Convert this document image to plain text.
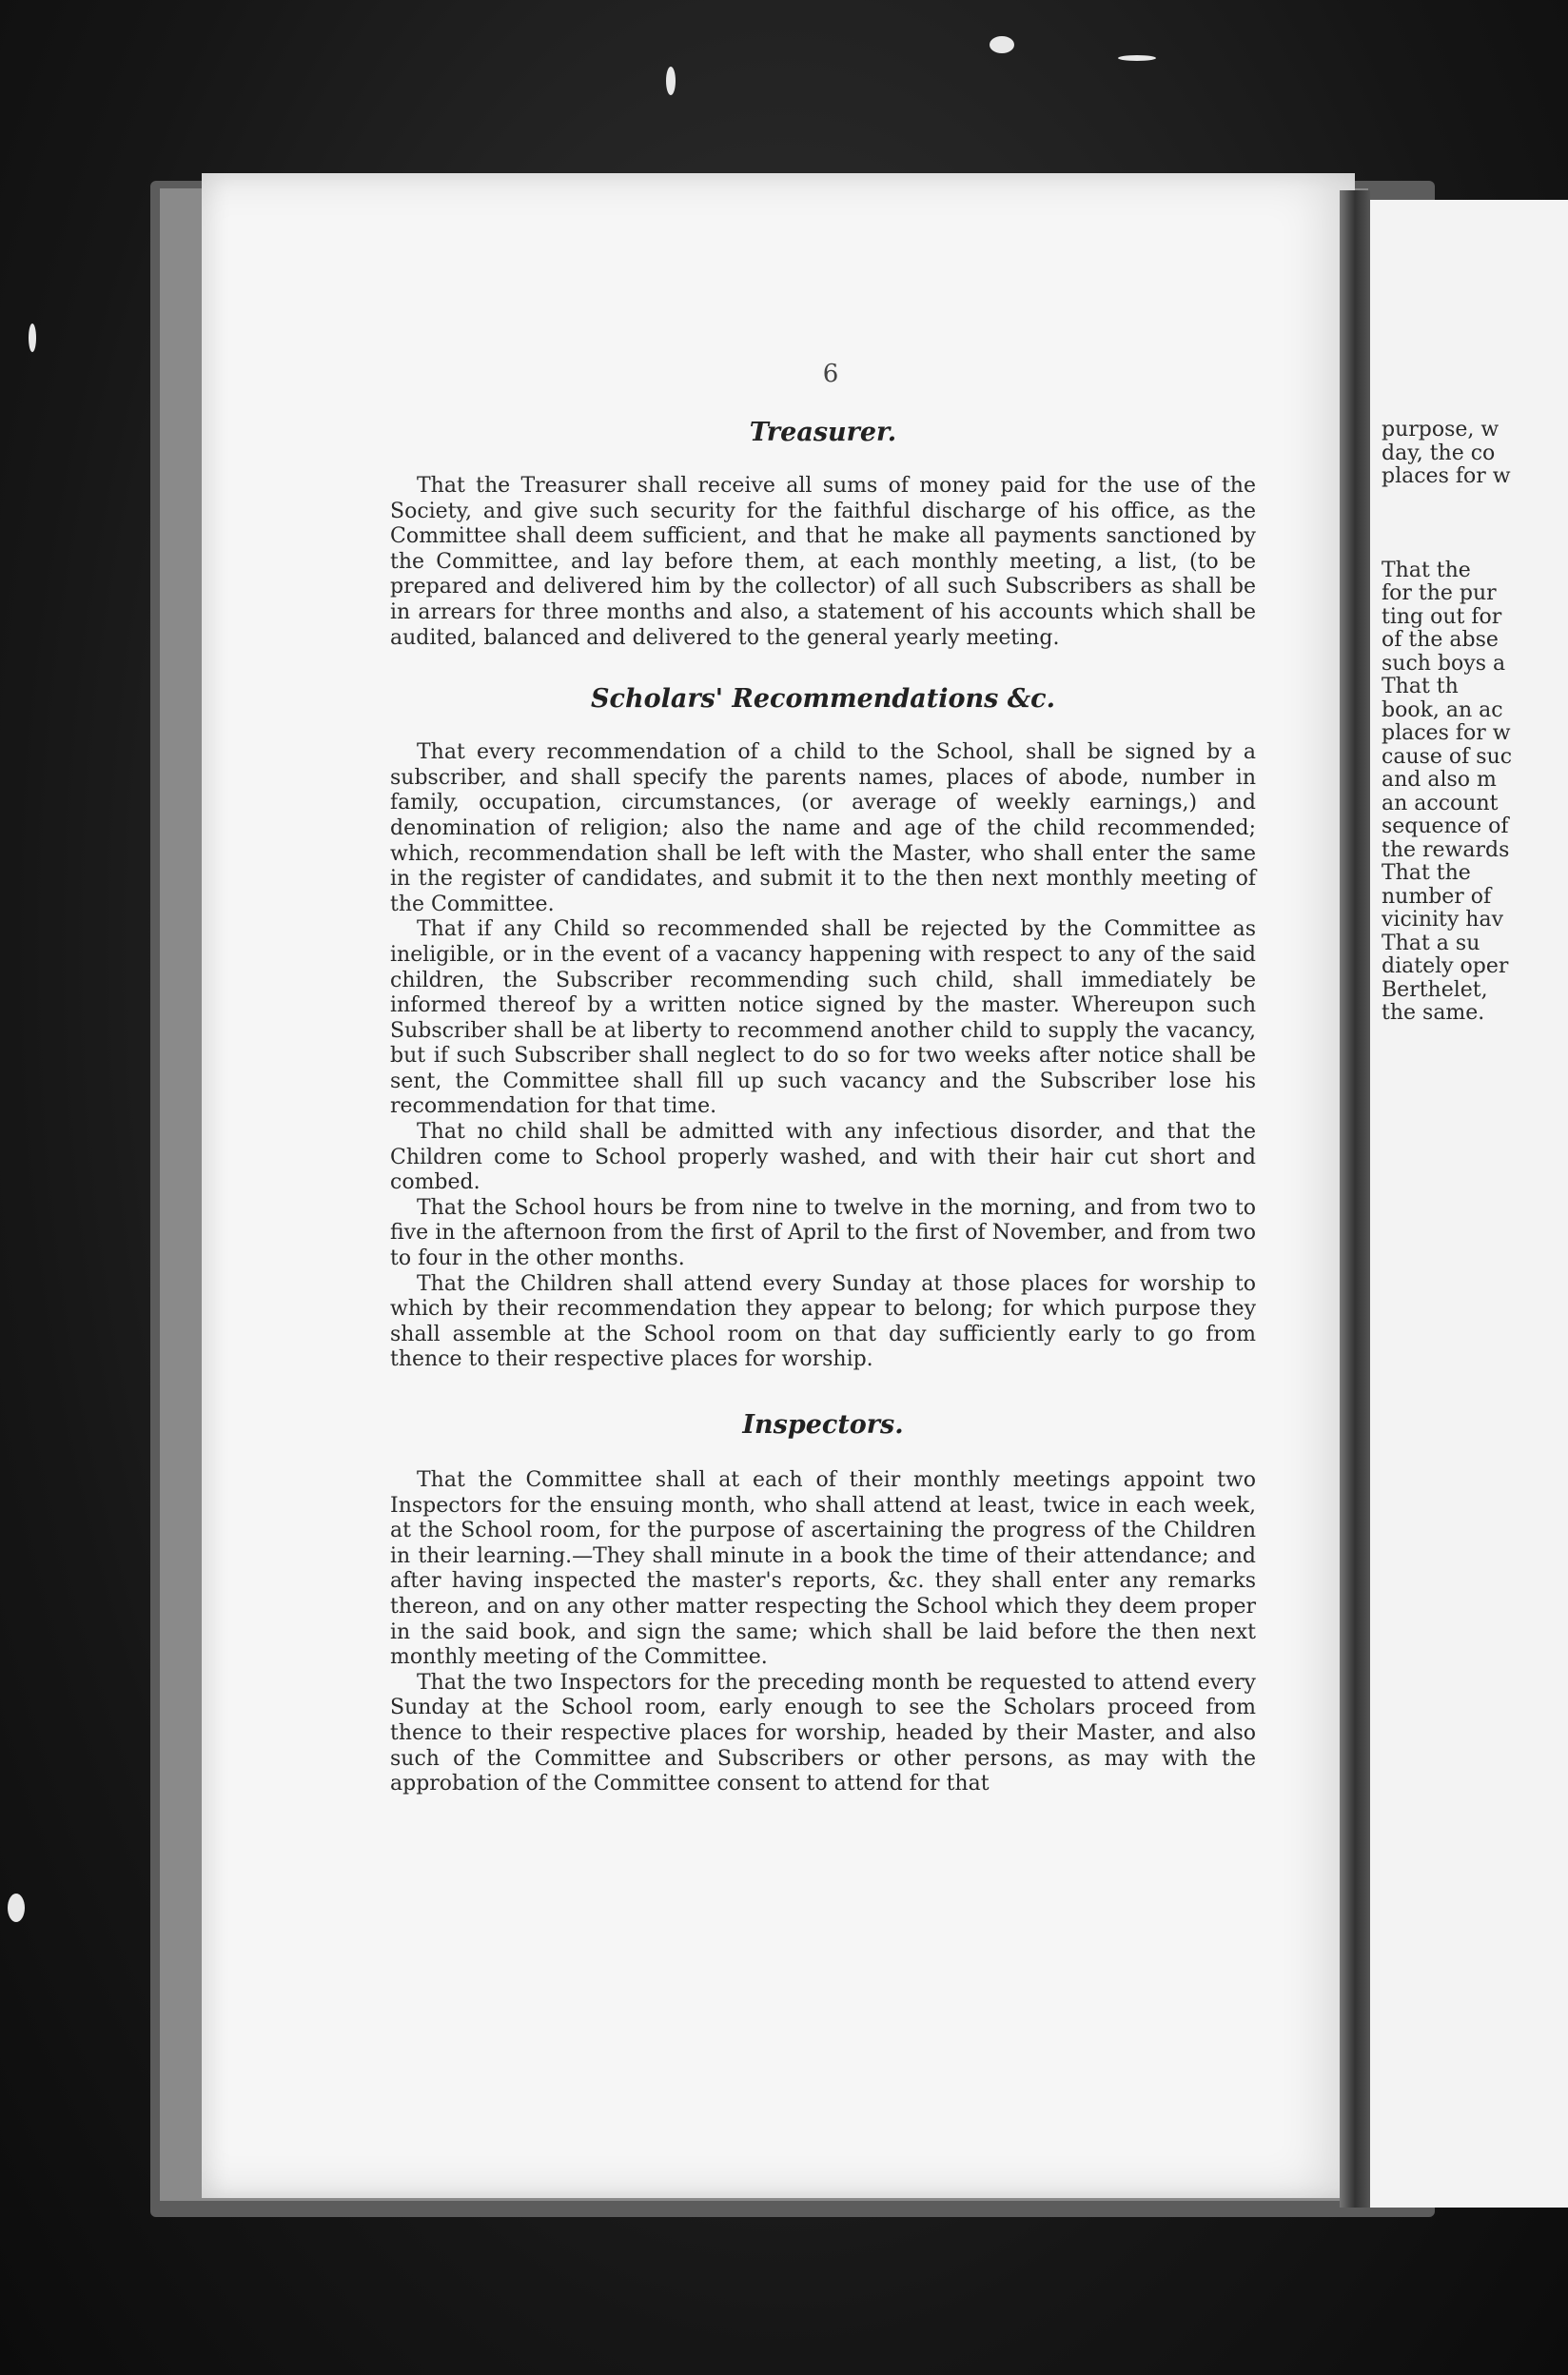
6
Treasurer.

That the Treasurer shall receive all sums of money paid for the use of the Society, and give such security for the faithful discharge of his office, as the Committee shall deem sufficient, and that he make all payments sanctioned by the Committee, and lay before them, at each monthly meeting, a list, (to be prepared and delivered him by the collector) of all such Subscribers as shall be in arrears for three months and also, a statement of his accounts which shall be audited, balanced and delivered to the general yearly meeting.

Scholars' Recommendations &c.

That every recommendation of a child to the School, shall be signed by a subscriber, and shall specify the parents names, places of abode, number in family, occupation, circumstances, (or average of weekly earnings,) and denomination of religion; also the name and age of the child recommended; which, recommendation shall be left with the Master, who shall enter the same in the register of candidates, and submit it to the then next monthly meeting of the Committee.

That if any Child so recommended shall be rejected by the Committee as ineligible, or in the event of a vacancy happening with respect to any of the said children, the Subscriber recommending such child, shall immediately be informed thereof by a written notice signed by the master. Whereupon such Subscriber shall be at liberty to recommend another child to supply the vacancy, but if such Subscriber shall neglect to do so for two weeks after notice shall be sent, the Committee shall fill up such vacancy and the Subscriber lose his recommendation for that time.

That no child shall be admitted with any infectious disorder, and that the Children come to School properly washed, and with their hair cut short and combed.

That the School hours be from nine to twelve in the morning, and from two to five in the afternoon from the first of April to the first of November, and from two to four in the other months.

That the Children shall attend every Sunday at those places for worship to which by their recommendation they appear to belong; for which purpose they shall assemble at the School room on that day sufficiently early to go from thence to their respective places for worship.

Inspectors.

That the Committee shall at each of their monthly meetings appoint two Inspectors for the ensuing month, who shall attend at least, twice in each week, at the School room, for the purpose of ascertaining the progress of the Children in their learning.—They shall minute in a book the time of their attendance; and after having inspected the master's reports, &c. they shall enter any remarks thereon, and on any other matter respecting the School which they deem proper in the said book, and sign the same; which shall be laid before the then next monthly meeting of the Committee.

That the two Inspectors for the preceding month be requested to attend every Sunday at the School room, early enough to see the Scholars proceed from thence to their respective places for worship, headed by their Master, and also such of the Committee and Subscribers or other persons, as may with the approbation of the Committee consent to attend for that

purpose, w
day, the co
places for w
That the
for the pur
ting out for
of the abse
such boys a
That th
book, an ac
places for w
cause of suc
and also m
an account
sequence of
the rewards
That the
number of
vicinity hav
That a su
diately oper
Berthelet,
the same.
